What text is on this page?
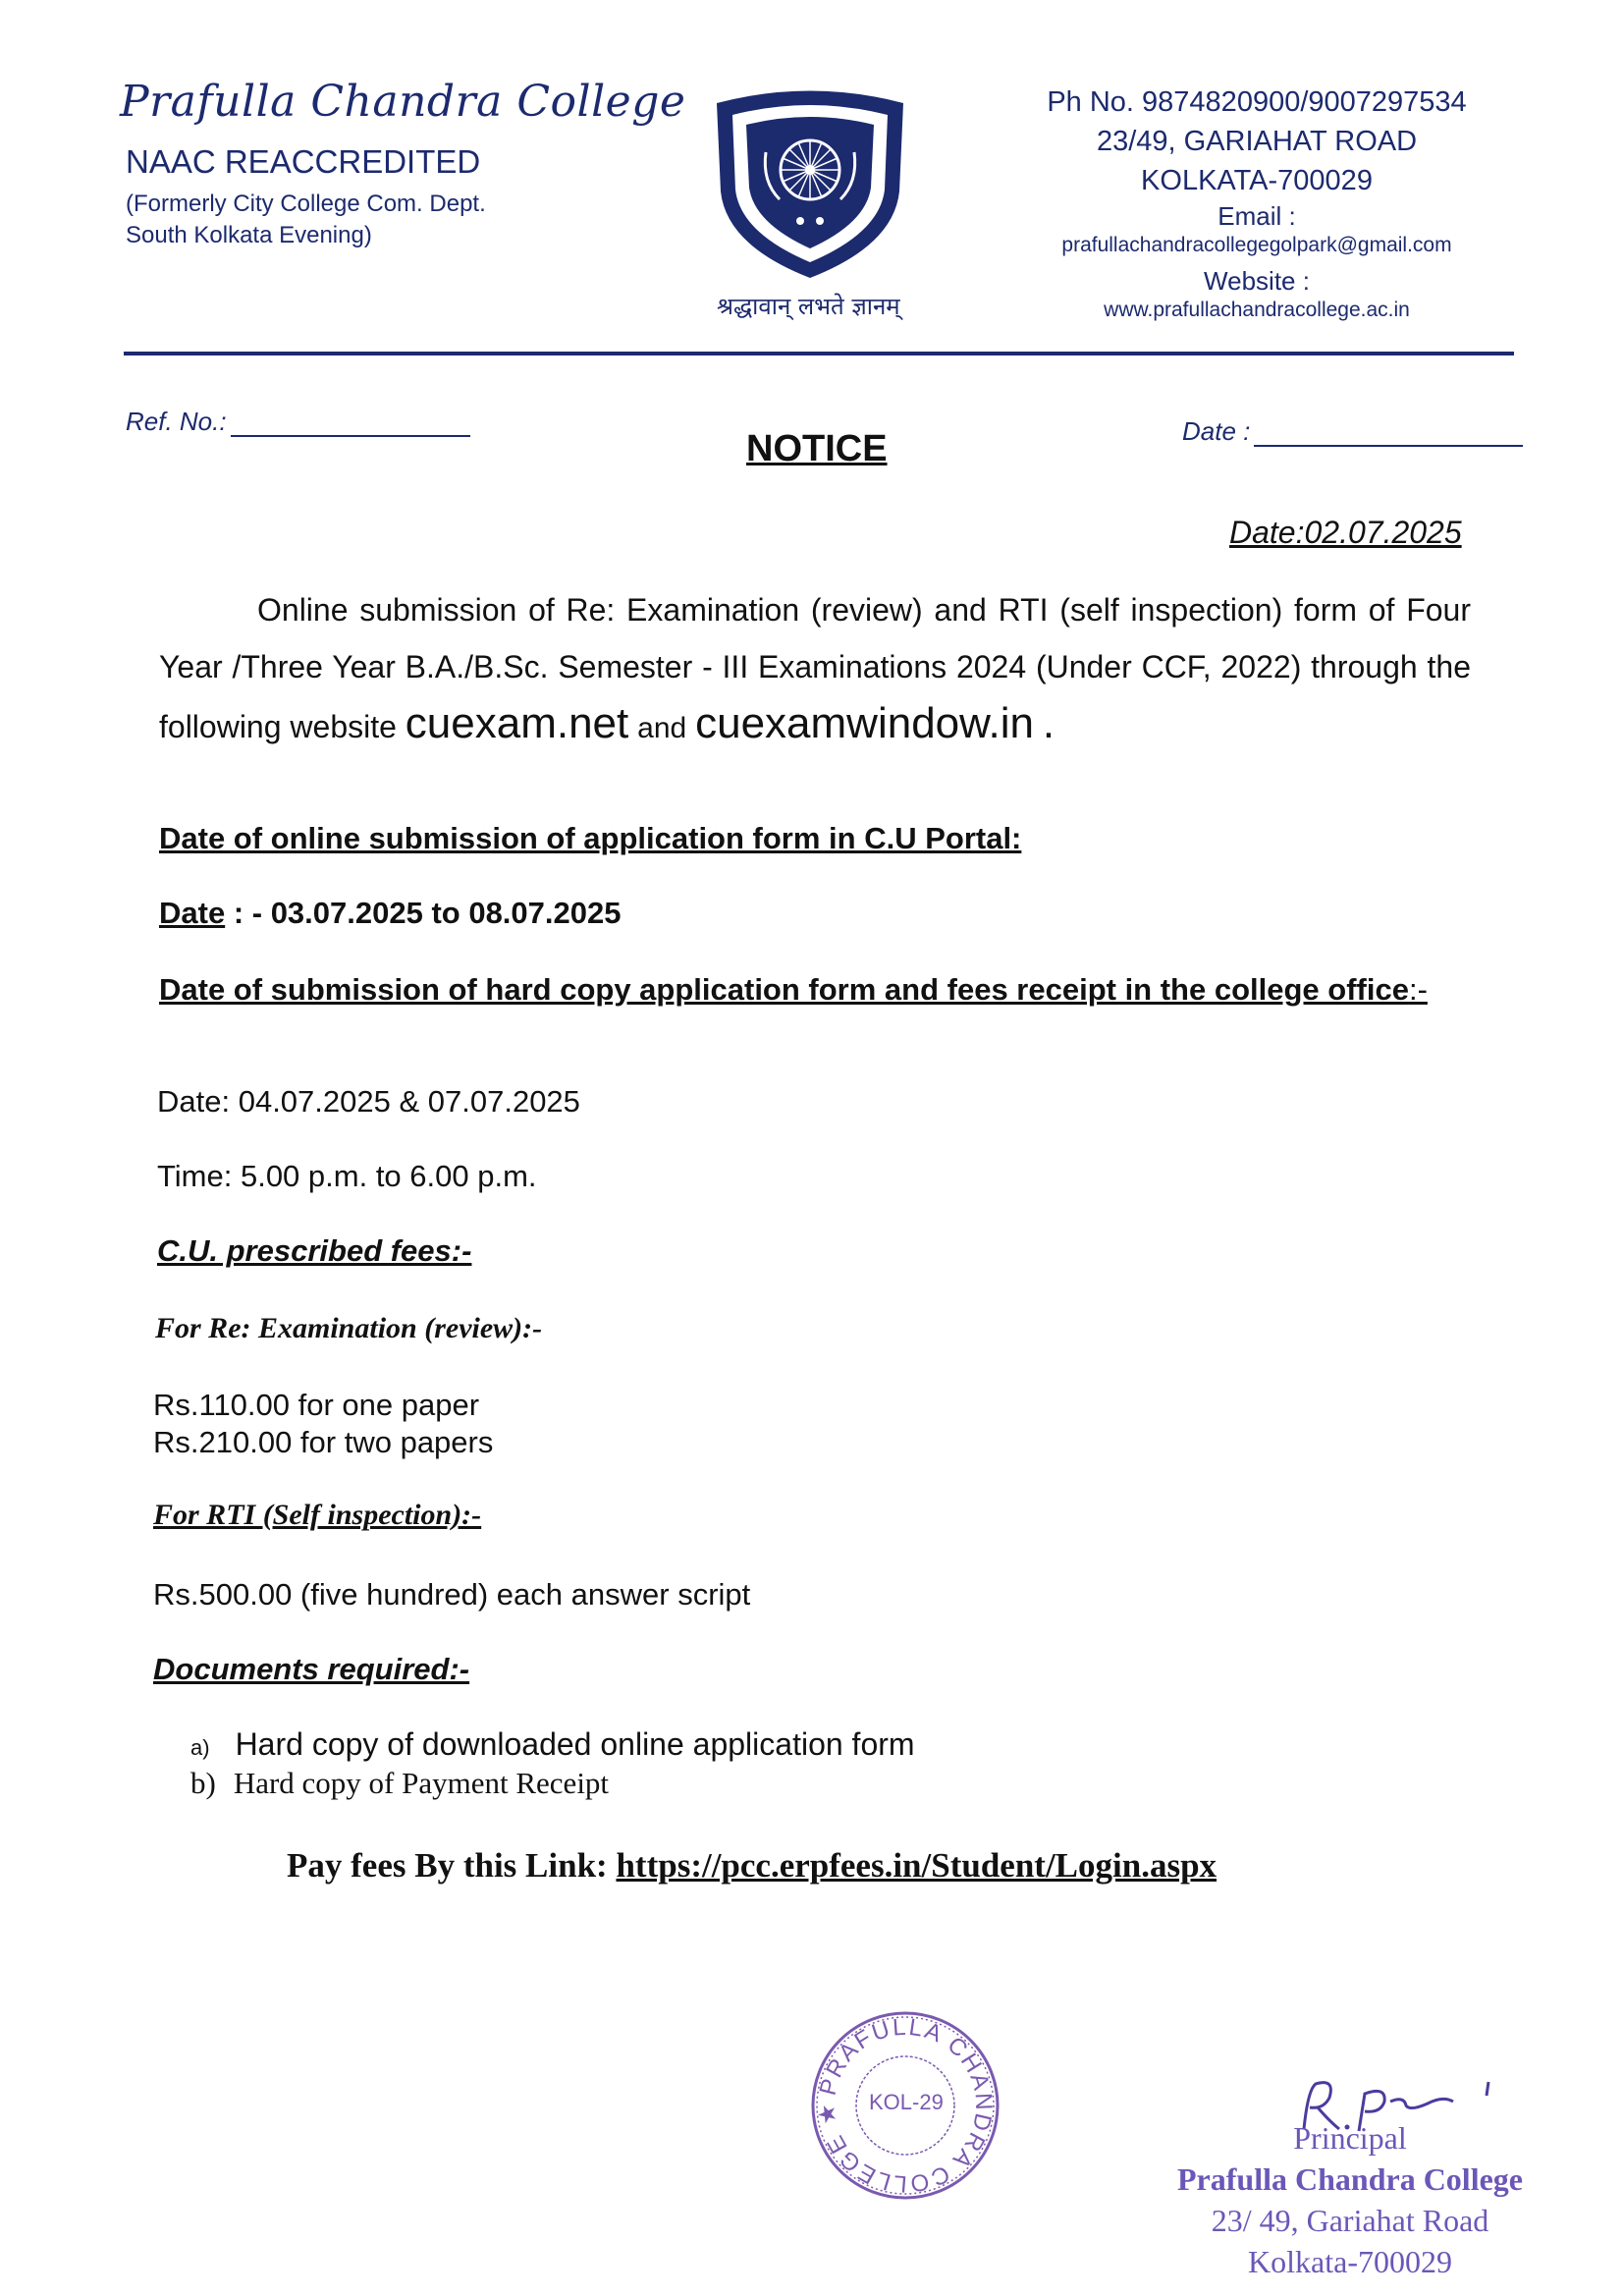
Prafulla Chandra College
NAAC REACCREDITED
(Formerly City College Com. Dept.
South Kolkata Evening)
श्रद्धावान् लभते ज्ञानम्
Ph No. 9874820900/9007297534
23/49, GARIAHAT ROAD
KOLKATA-700029
Email :
prafullachandracollegegolpark@gmail.com
Website :
www.prafullachandracollege.ac.in
Ref. No.:	Date :
NOTICE
Date:02.07.2025
Online submission of Re: Examination (review) and RTI (self inspection) form of Four Year /Three Year B.A./B.Sc. Semester - III Examinations 2024 (Under CCF, 2022) through the following website cuexam.net and cuexamwindow.in .
Date of online submission of application form in C.U Portal:
Date : - 03.07.2025 to 08.07.2025
Date of submission of hard copy application form and fees receipt in the college office:-
Date: 04.07.2025 & 07.07.2025
Time: 5.00 p.m. to 6.00 p.m.
C.U. prescribed fees:-
For Re: Examination (review):-
Rs.110.00 for one paper
Rs.210.00 for two papers
For RTI (Self inspection):-
Rs.500.00 (five hundred) each answer script
Documents required:-
a) Hard copy of downloaded online application form
b) Hard copy of Payment Receipt
Pay fees By this Link: https://pcc.erpfees.in/Student/Login.aspx
PRAFULLA CHANDRA COLLEGE ★	KOL-29
Principal
Prafulla Chandra College
23/ 49, Gariahat Road
Kolkata-700029
